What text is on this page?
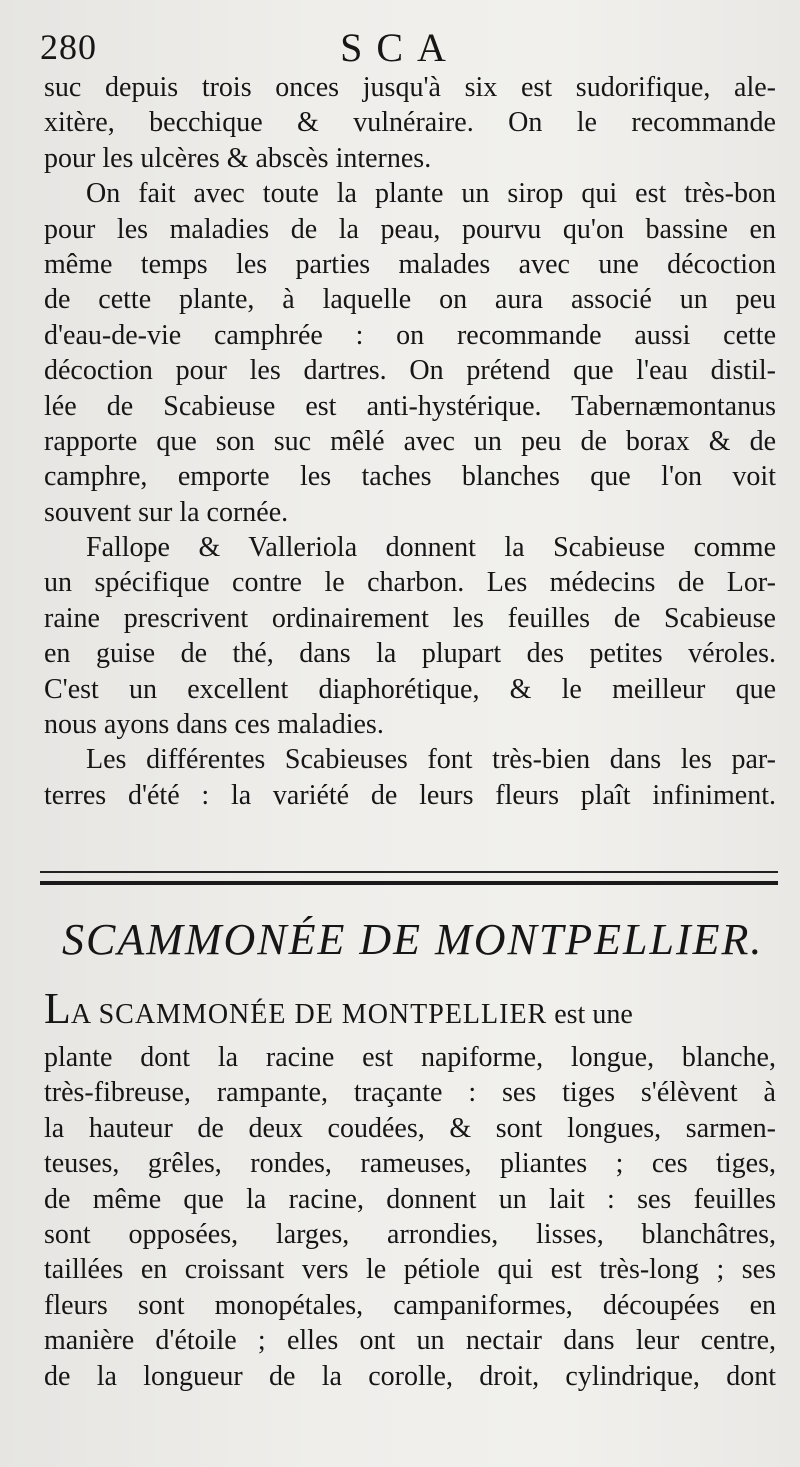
280	SCA
suc depuis trois onces jusqu'à six est sudorifique, ale-
xitère, becchique & vulnéraire. On le recommande
pour les ulcères & abscès internes.
On fait avec toute la plante un sirop qui est très-bon
pour les maladies de la peau, pourvu qu'on bassine en
même temps les parties malades avec une décoction
de cette plante, à laquelle on aura associé un peu
d'eau-de-vie camphrée : on recommande aussi cette
décoction pour les dartres. On prétend que l'eau distil-
lée de Scabieuse est anti-hystérique. Tabernæmontanus
rapporte que son suc mêlé avec un peu de borax & de
camphre, emporte les taches blanches que l'on voit
souvent sur la cornée.
Fallope & Valleriola donnent la Scabieuse comme
un spécifique contre le charbon. Les médecins de Lor-
raine prescrivent ordinairement les feuilles de Scabieuse
en guise de thé, dans la plupart des petites véroles.
C'est un excellent diaphorétique, & le meilleur que
nous ayons dans ces maladies.
Les différentes Scabieuses font très-bien dans les par-
terres d'été : la variété de leurs fleurs plaît infiniment.
SCAMMONÉE DE MONTPELLIER.
LA SCAMMONÉE DE MONTPELLIER est une
plante dont la racine est napiforme, longue, blanche,
très-fibreuse, rampante, traçante : ses tiges s'élèvent à
la hauteur de deux coudées, & sont longues, sarmen-
teuses, grêles, rondes, rameuses, pliantes ; ces tiges,
de même que la racine, donnent un lait : ses feuilles
sont opposées, larges, arrondies, lisses, blanchâtres,
taillées en croissant vers le pétiole qui est très-long ; ses
fleurs sont monopétales, campaniformes, découpées en
manière d'étoile ; elles ont un nectair dans leur centre,
de la longueur de la corolle, droit, cylindrique, dont
